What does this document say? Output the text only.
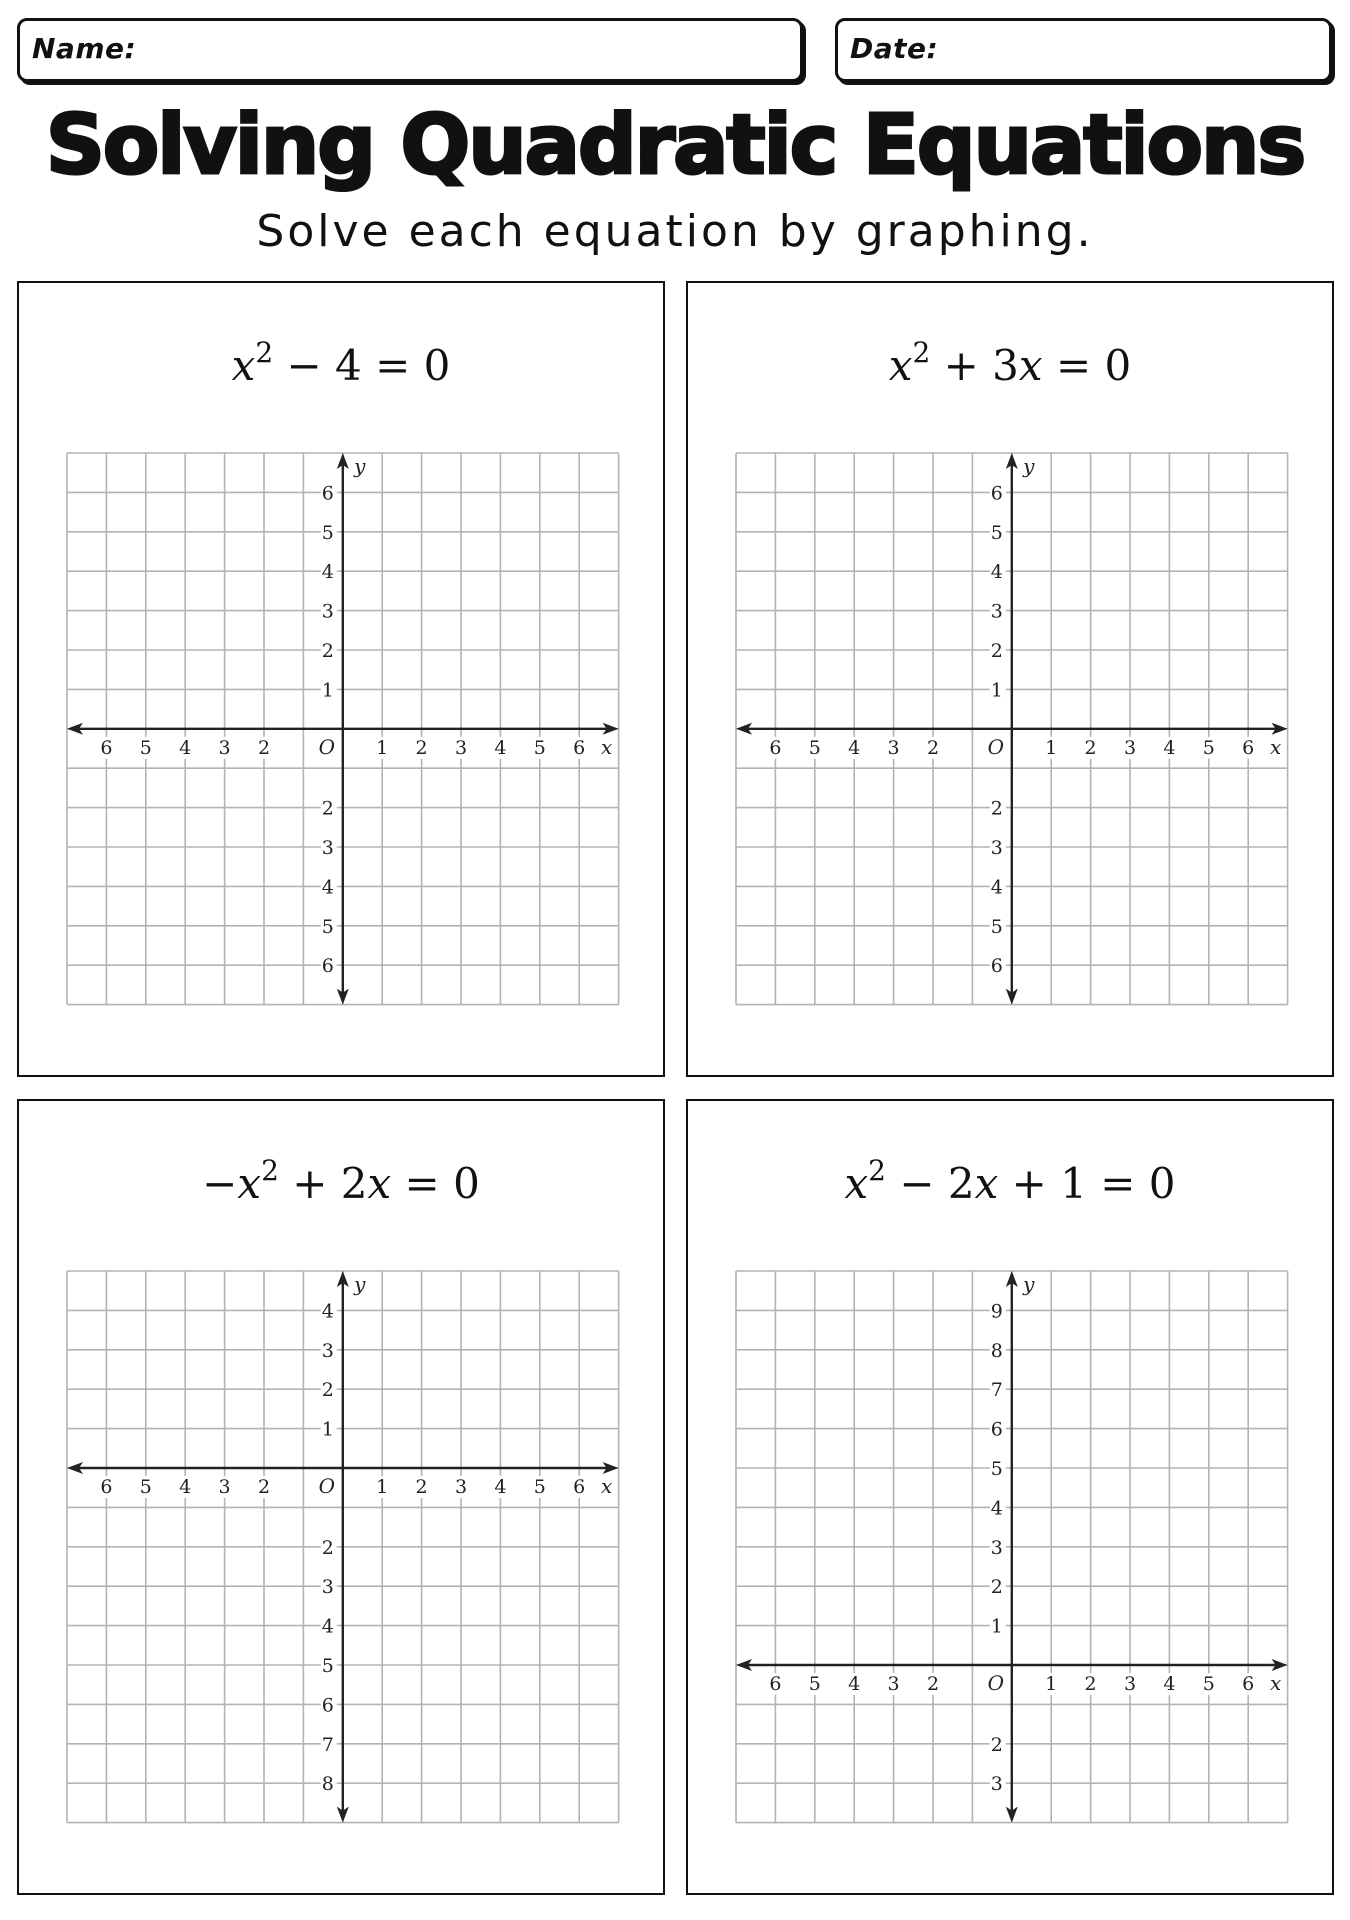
Name:	Date:
Solving Quadratic Equations
Solve each equation by graphing.
$x^2 - 4 = 0$
6 5 4 3 2 O 1 2 3 4 5 6
6
5
4
3
2
1
2
3
4
5
6
x
y
$x^2 + 3x = 0$
6 5 4 3 2 O 1 2 3 4 5 6
6
5
4
3
2
1
2
3
4
5
6
x
y
$-x^2 + 2x = 0$
6 5 4 3 2 O 1 2 3 4 5 6
4
3
2
1
2
3
4
5
6
7
8
x
y
$x^2 - 2x + 1 = 0$
6 5 4 3 2 O 1 2 3 4 5 6
9
8
7
6
5
4
3
2
1
2
3
x
y
